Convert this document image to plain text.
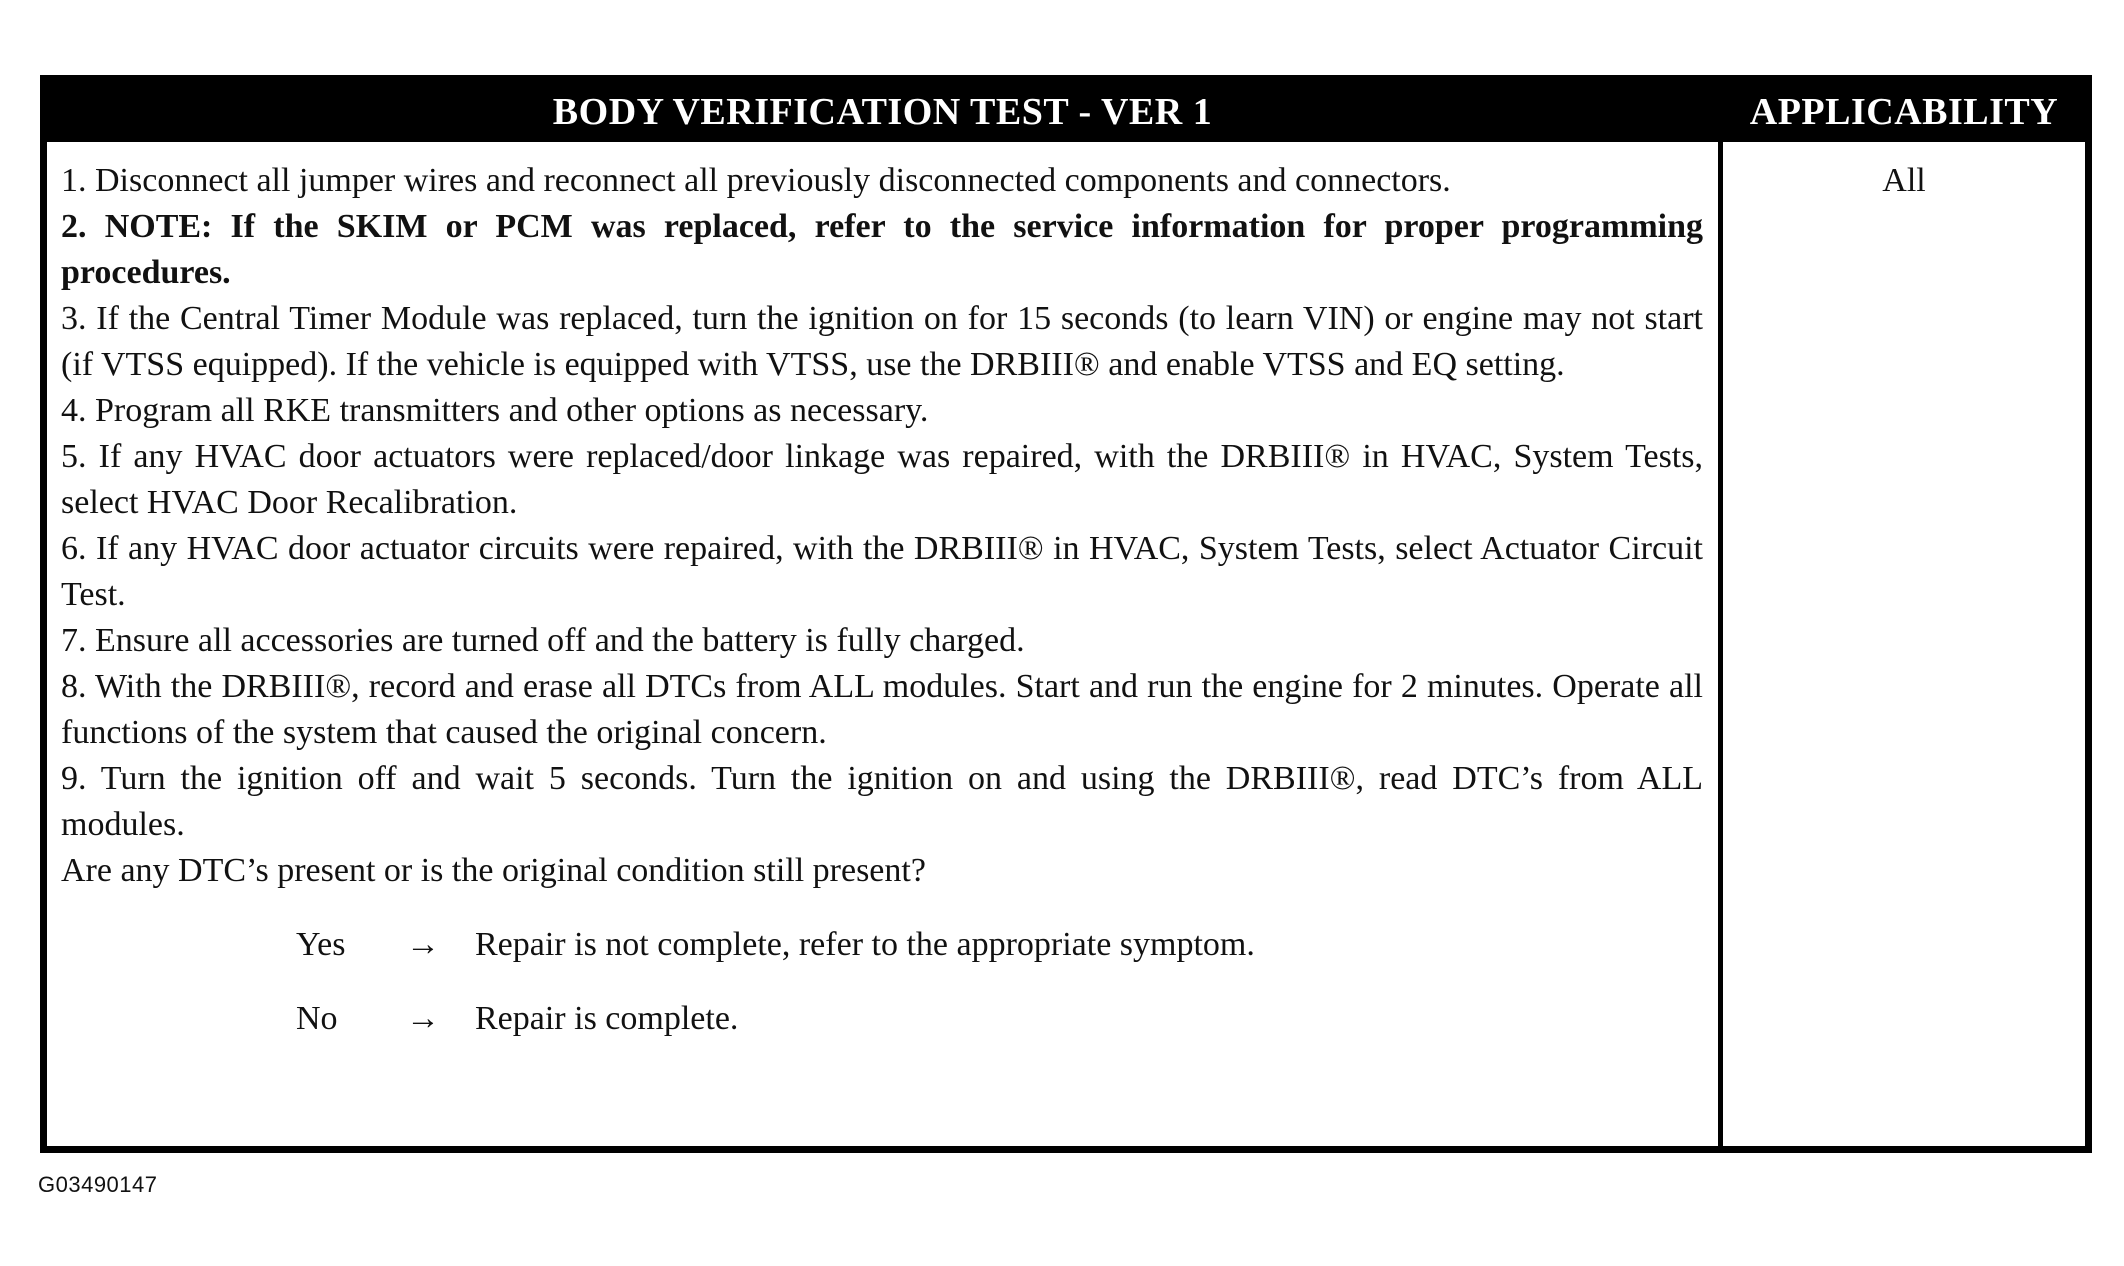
BODY VERIFICATION TEST - VER 1	APPLICABILITY

1. Disconnect all jumper wires and reconnect all previously disconnected components and connectors.

2. NOTE: If the SKIM or PCM was replaced, refer to the service information for proper programming procedures.

3. If the Central Timer Module was replaced, turn the ignition on for 15 seconds (to learn VIN) or engine may not start (if VTSS equipped). If the vehicle is equipped with VTSS, use the DRBIII® and enable VTSS and EQ setting.

4. Program all RKE transmitters and other options as necessary.

5. If any HVAC door actuators were replaced/door linkage was repaired, with the DRBIII® in HVAC, System Tests, select HVAC Door Recalibration.

6. If any HVAC door actuator circuits were repaired, with the DRBIII® in HVAC, System Tests, select Actuator Circuit Test.

7. Ensure all accessories are turned off and the battery is fully charged.

8. With the DRBIII®, record and erase all DTCs from ALL modules. Start and run the engine for 2 minutes. Operate all functions of the system that caused the original concern.

9. Turn the ignition off and wait 5 seconds. Turn the ignition on and using the DRBIII®, read DTC’s from ALL modules.

Are any DTC’s present or is the original condition still present?

Yes → Repair is not complete, refer to the appropriate symptom.
No → Repair is complete.
All
G03490147
